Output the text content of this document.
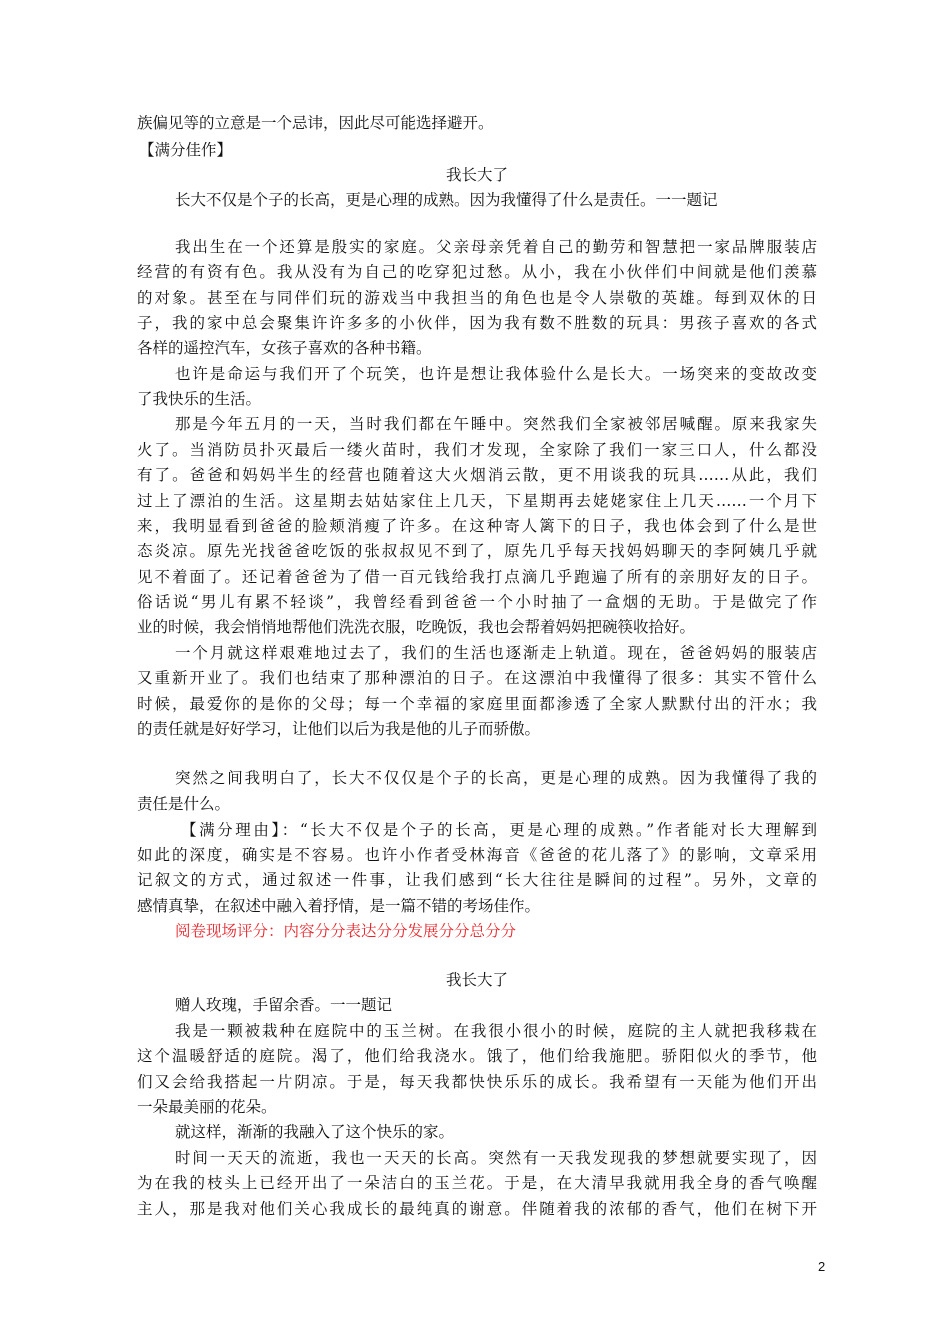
族偏见等的立意是一个忌讳，因此尽可能选择避开。
【满分佳作】
我长大了
长大不仅是个子的长高，更是心理的成熟。因为我懂得了什么是责任。一一题记
我出生在一个还算是殷实的家庭。父亲母亲凭着自己的勤劳和智慧把一家品牌服装店
经营的有资有色。我从没有为自己的吃穿犯过愁。从小，我在小伙伴们中间就是他们羡慕
的对象。甚至在与同伴们玩的游戏当中我担当的角色也是令人崇敬的英雄。每到双休的日
子，我的家中总会聚集许许多多的小伙伴，因为我有数不胜数的玩具：男孩子喜欢的各式
各样的遥控汽车，女孩子喜欢的各种书籍。
也许是命运与我们开了个玩笑，也许是想让我体验什么是长大。一场突来的变故改变
了我快乐的生活。
那是今年五月的一天，当时我们都在午睡中。突然我们全家被邻居喊醒。原来我家失
火了。当消防员扑灭最后一缕火苗时，我们才发现，全家除了我们一家三口人，什么都没
有了。爸爸和妈妈半生的经营也随着这大火烟消云散，更不用谈我的玩具……从此，我们
过上了漂泊的生活。这星期去姑姑家住上几天，下星期再去姥姥家住上几天……一个月下
来，我明显看到爸爸的脸颊消瘦了许多。在这种寄人篱下的日子，我也体会到了什么是世
态炎凉。原先光找爸爸吃饭的张叔叔见不到了，原先几乎每天找妈妈聊天的李阿姨几乎就
见不着面了。还记着爸爸为了借一百元钱给我打点滴几乎跑遍了所有的亲朋好友的日子。
俗话说“男儿有累不轻谈”，我曾经看到爸爸一个小时抽了一盒烟的无助。于是做完了作
业的时候，我会悄悄地帮他们洗洗衣服，吃晚饭，我也会帮着妈妈把碗筷收拾好。
一个月就这样艰难地过去了，我们的生活也逐渐走上轨道。现在，爸爸妈妈的服装店
又重新开业了。我们也结束了那种漂泊的日子。在这漂泊中我懂得了很多：其实不管什么
时候，最爱你的是你的父母；每一个幸福的家庭里面都渗透了全家人默默付出的汗水；我
的责任就是好好学习，让他们以后为我是他的儿子而骄傲。
突然之间我明白了，长大不仅仅是个子的长高，更是心理的成熟。因为我懂得了我的
责任是什么。
【满分理由】：“长大不仅是个子的长高，更是心理的成熟。”作者能对长大理解到
如此的深度，确实是不容易。也许小作者受林海音《爸爸的花儿落了》的影响，文章采用
记叙文的方式，通过叙述一件事，让我们感到“长大往往是瞬间的过程”。另外，文章的
感情真挚，在叙述中融入着抒情，是一篇不错的考场佳作。
阅卷现场评分：内容分分表达分分发展分分总分分
我长大了
赠人玫瑰，手留余香。一一题记
我是一颗被栽种在庭院中的玉兰树。在我很小很小的时候，庭院的主人就把我移栽在
这个温暖舒适的庭院。渴了，他们给我浇水。饿了，他们给我施肥。骄阳似火的季节，他
们又会给我搭起一片阴凉。于是，每天我都快快乐乐的成长。我希望有一天能为他们开出
一朵最美丽的花朵。
就这样，渐渐的我融入了这个快乐的家。
时间一天天的流逝，我也一天天的长高。突然有一天我发现我的梦想就要实现了，因
为在我的枝头上已经开出了一朵洁白的玉兰花。于是，在大清早我就用我全身的香气唤醒
主人，那是我对他们关心我成长的最纯真的谢意。伴随着我的浓郁的香气，他们在树下开
2
